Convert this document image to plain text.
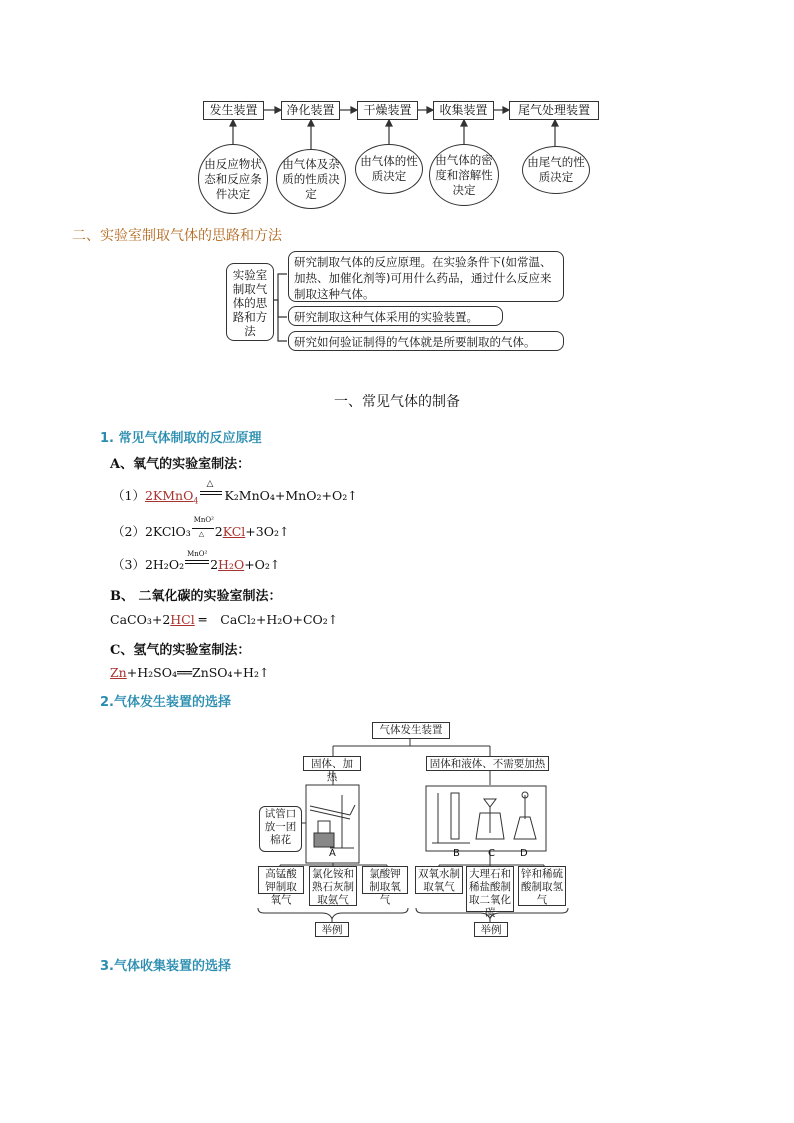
发生装置	净化装置	干燥装置	收集装置	尾气处理装置
由反应物状态和反应条件决定
由气体及杂质的性质决定
由气体的性质决定
由气体的密度和溶解性决定
由尾气的性质决定
二、实验室制取气体的思路和方法
实验室制取气体的思路和方法
研究制取气体的反应原理。在实验条件下(如常温、加热、加催化剂等)可用什么药品，通过什么反应来制取这种气体。
研究制取这种气体采用的实验装置。
研究如何验证制得的气体就是所要制取的气体。
一、常见气体的制备
1. 常见气体制取的反应原理
A、氧气的实验室制法：
（1）2KMnO$_4$
△
K₂MnO₄+MnO₂+O₂↑
（2）2KClO₃
MnO²
△ 2KCl+3O₂↑
（3）2H₂O₂
MnO²
2H₂O+O₂↑
B、 二氧化碳的实验室制法：
CaCO₃+2HCl ═ CaCl₂+H₂O+CO₂↑
C、氢气的实验室制法：
Zn+H₂SO₄══ZnSO₄+H₂↑
2.气体发生装置的选择
气体发生装置
固体、加热
固体和液体、不需要加热
试管口放一团棉花
A	B	C	D
高锰酸钾制取氧气
氯化铵和熟石灰制取氨气
氯酸钾制取氧气
双氧水制取氧气
大理石和稀盐酸制取二氧化碳
锌和稀硫酸制取氢气
举例	举例
3.气体收集装置的选择
